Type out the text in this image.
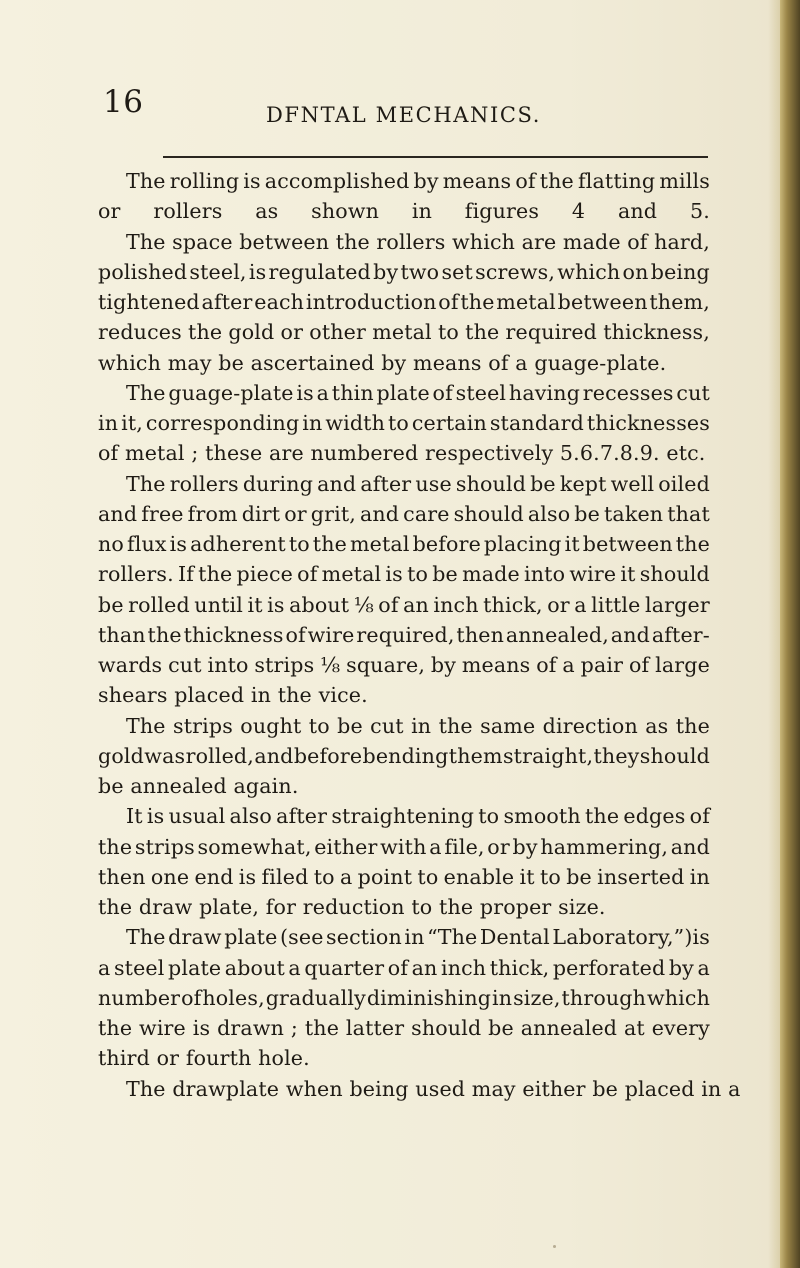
16	DFNTAL MECHANICS.
The rolling is accomplished by means of the flatting mills
or rollers as shown in figures 4 and 5.
The space between the rollers which are made of hard,
polished steel, is regulated by two set screws, which on being
tightened after each introduction of the metal between them,
reduces the gold or other metal to the required thickness,
which may be ascertained by means of a guage-plate.
The guage-plate is a thin plate of steel having recesses cut
in it, corresponding in width to certain standard thicknesses
of metal ; these are numbered respectively 5.6.7.8.9. etc.
The rollers during and after use should be kept well oiled
and free from dirt or grit, and care should also be taken that
no flux is adherent to the metal before placing it between the
rollers. If the piece of metal is to be made into wire it should
be rolled until it is about ⅛ of an inch thick, or a little larger
than the thickness of wire required, then annealed, and after-
wards cut into strips ⅛ square, by means of a pair of large
shears placed in the vice.
The strips ought to be cut in the same direction as the
gold was rolled, and before bending them straight, they should
be annealed again.
It is usual also after straightening to smooth the edges of
the strips somewhat, either with a file, or by hammering, and
then one end is filed to a point to enable it to be inserted in
the draw plate, for reduction to the proper size.
The draw plate (see section in “The Dental Laboratory,”)is
a steel plate about a quarter of an inch thick, perforated by a
number of holes, gradually diminishing in size, through which
the wire is drawn ; the latter should be annealed at every
third or fourth hole.
The drawplate when being used may either be placed in a
